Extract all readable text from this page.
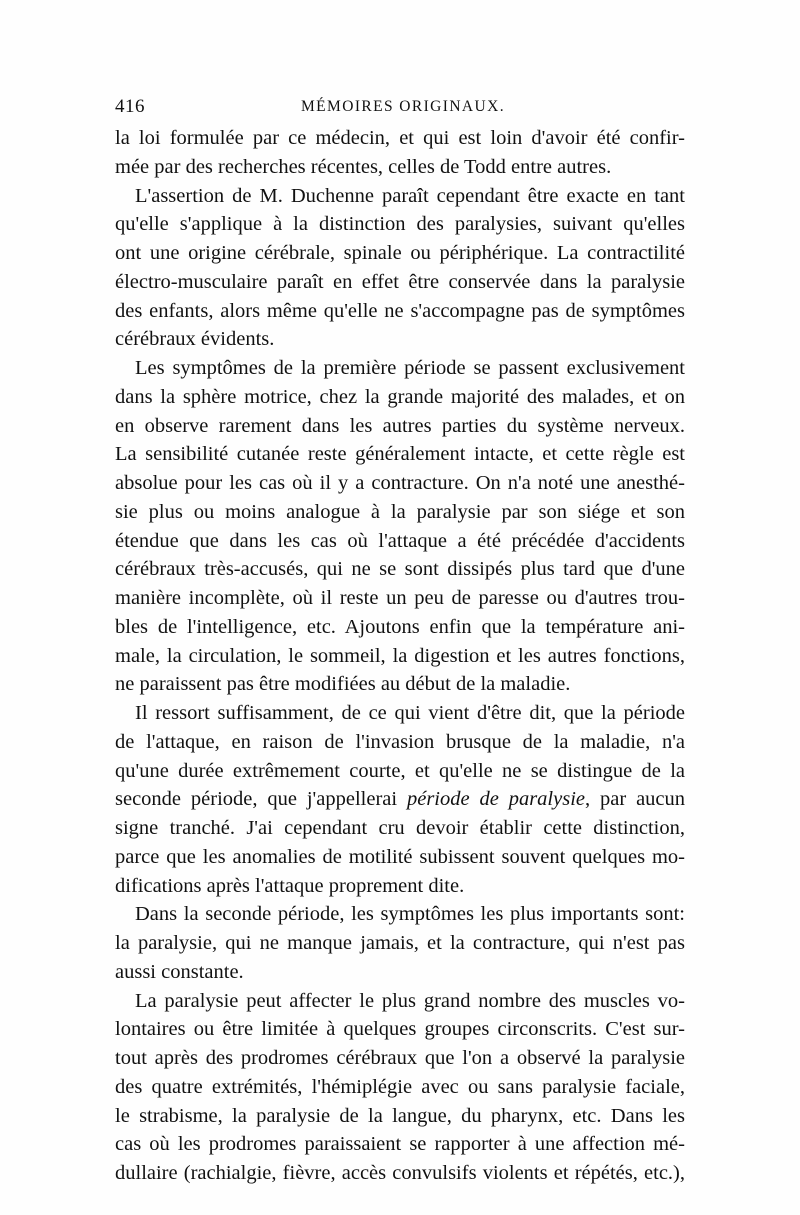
416	MÉMOIRES ORIGINAUX.
la loi formulée par ce médecin, et qui est loin d'avoir été confir-
mée par des recherches récentes, celles de Todd entre autres.
L'assertion de M. Duchenne paraît cependant être exacte en tant
qu'elle s'applique à la distinction des paralysies, suivant qu'elles
ont une origine cérébrale, spinale ou périphérique. La contractilité
électro-musculaire paraît en effet être conservée dans la paralysie
des enfants, alors même qu'elle ne s'accompagne pas de symptômes
cérébraux évidents.
Les symptômes de la première période se passent exclusivement
dans la sphère motrice, chez la grande majorité des malades, et on
en observe rarement dans les autres parties du système nerveux.
La sensibilité cutanée reste généralement intacte, et cette règle est
absolue pour les cas où il y a contracture. On n'a noté une anesthé-
sie plus ou moins analogue à la paralysie par son siége et son
étendue que dans les cas où l'attaque a été précédée d'accidents
cérébraux très-accusés, qui ne se sont dissipés plus tard que d'une
manière incomplète, où il reste un peu de paresse ou d'autres trou-
bles de l'intelligence, etc. Ajoutons enfin que la température ani-
male, la circulation, le sommeil, la digestion et les autres fonctions,
ne paraissent pas être modifiées au début de la maladie.
Il ressort suffisamment, de ce qui vient d'être dit, que la période
de l'attaque, en raison de l'invasion brusque de la maladie, n'a
qu'une durée extrêmement courte, et qu'elle ne se distingue de la
seconde période, que j'appellerai période de paralysie, par aucun
signe tranché. J'ai cependant cru devoir établir cette distinction,
parce que les anomalies de motilité subissent souvent quelques mo-
difications après l'attaque proprement dite.
Dans la seconde période, les symptômes les plus importants sont:
la paralysie, qui ne manque jamais, et la contracture, qui n'est pas
aussi constante.
La paralysie peut affecter le plus grand nombre des muscles vo-
lontaires ou être limitée à quelques groupes circonscrits. C'est sur-
tout après des prodromes cérébraux que l'on a observé la paralysie
des quatre extrémités, l'hémiplégie avec ou sans paralysie faciale,
le strabisme, la paralysie de la langue, du pharynx, etc. Dans les
cas où les prodromes paraissaient se rapporter à une affection mé-
dullaire (rachialgie, fièvre, accès convulsifs violents et répétés, etc.),
